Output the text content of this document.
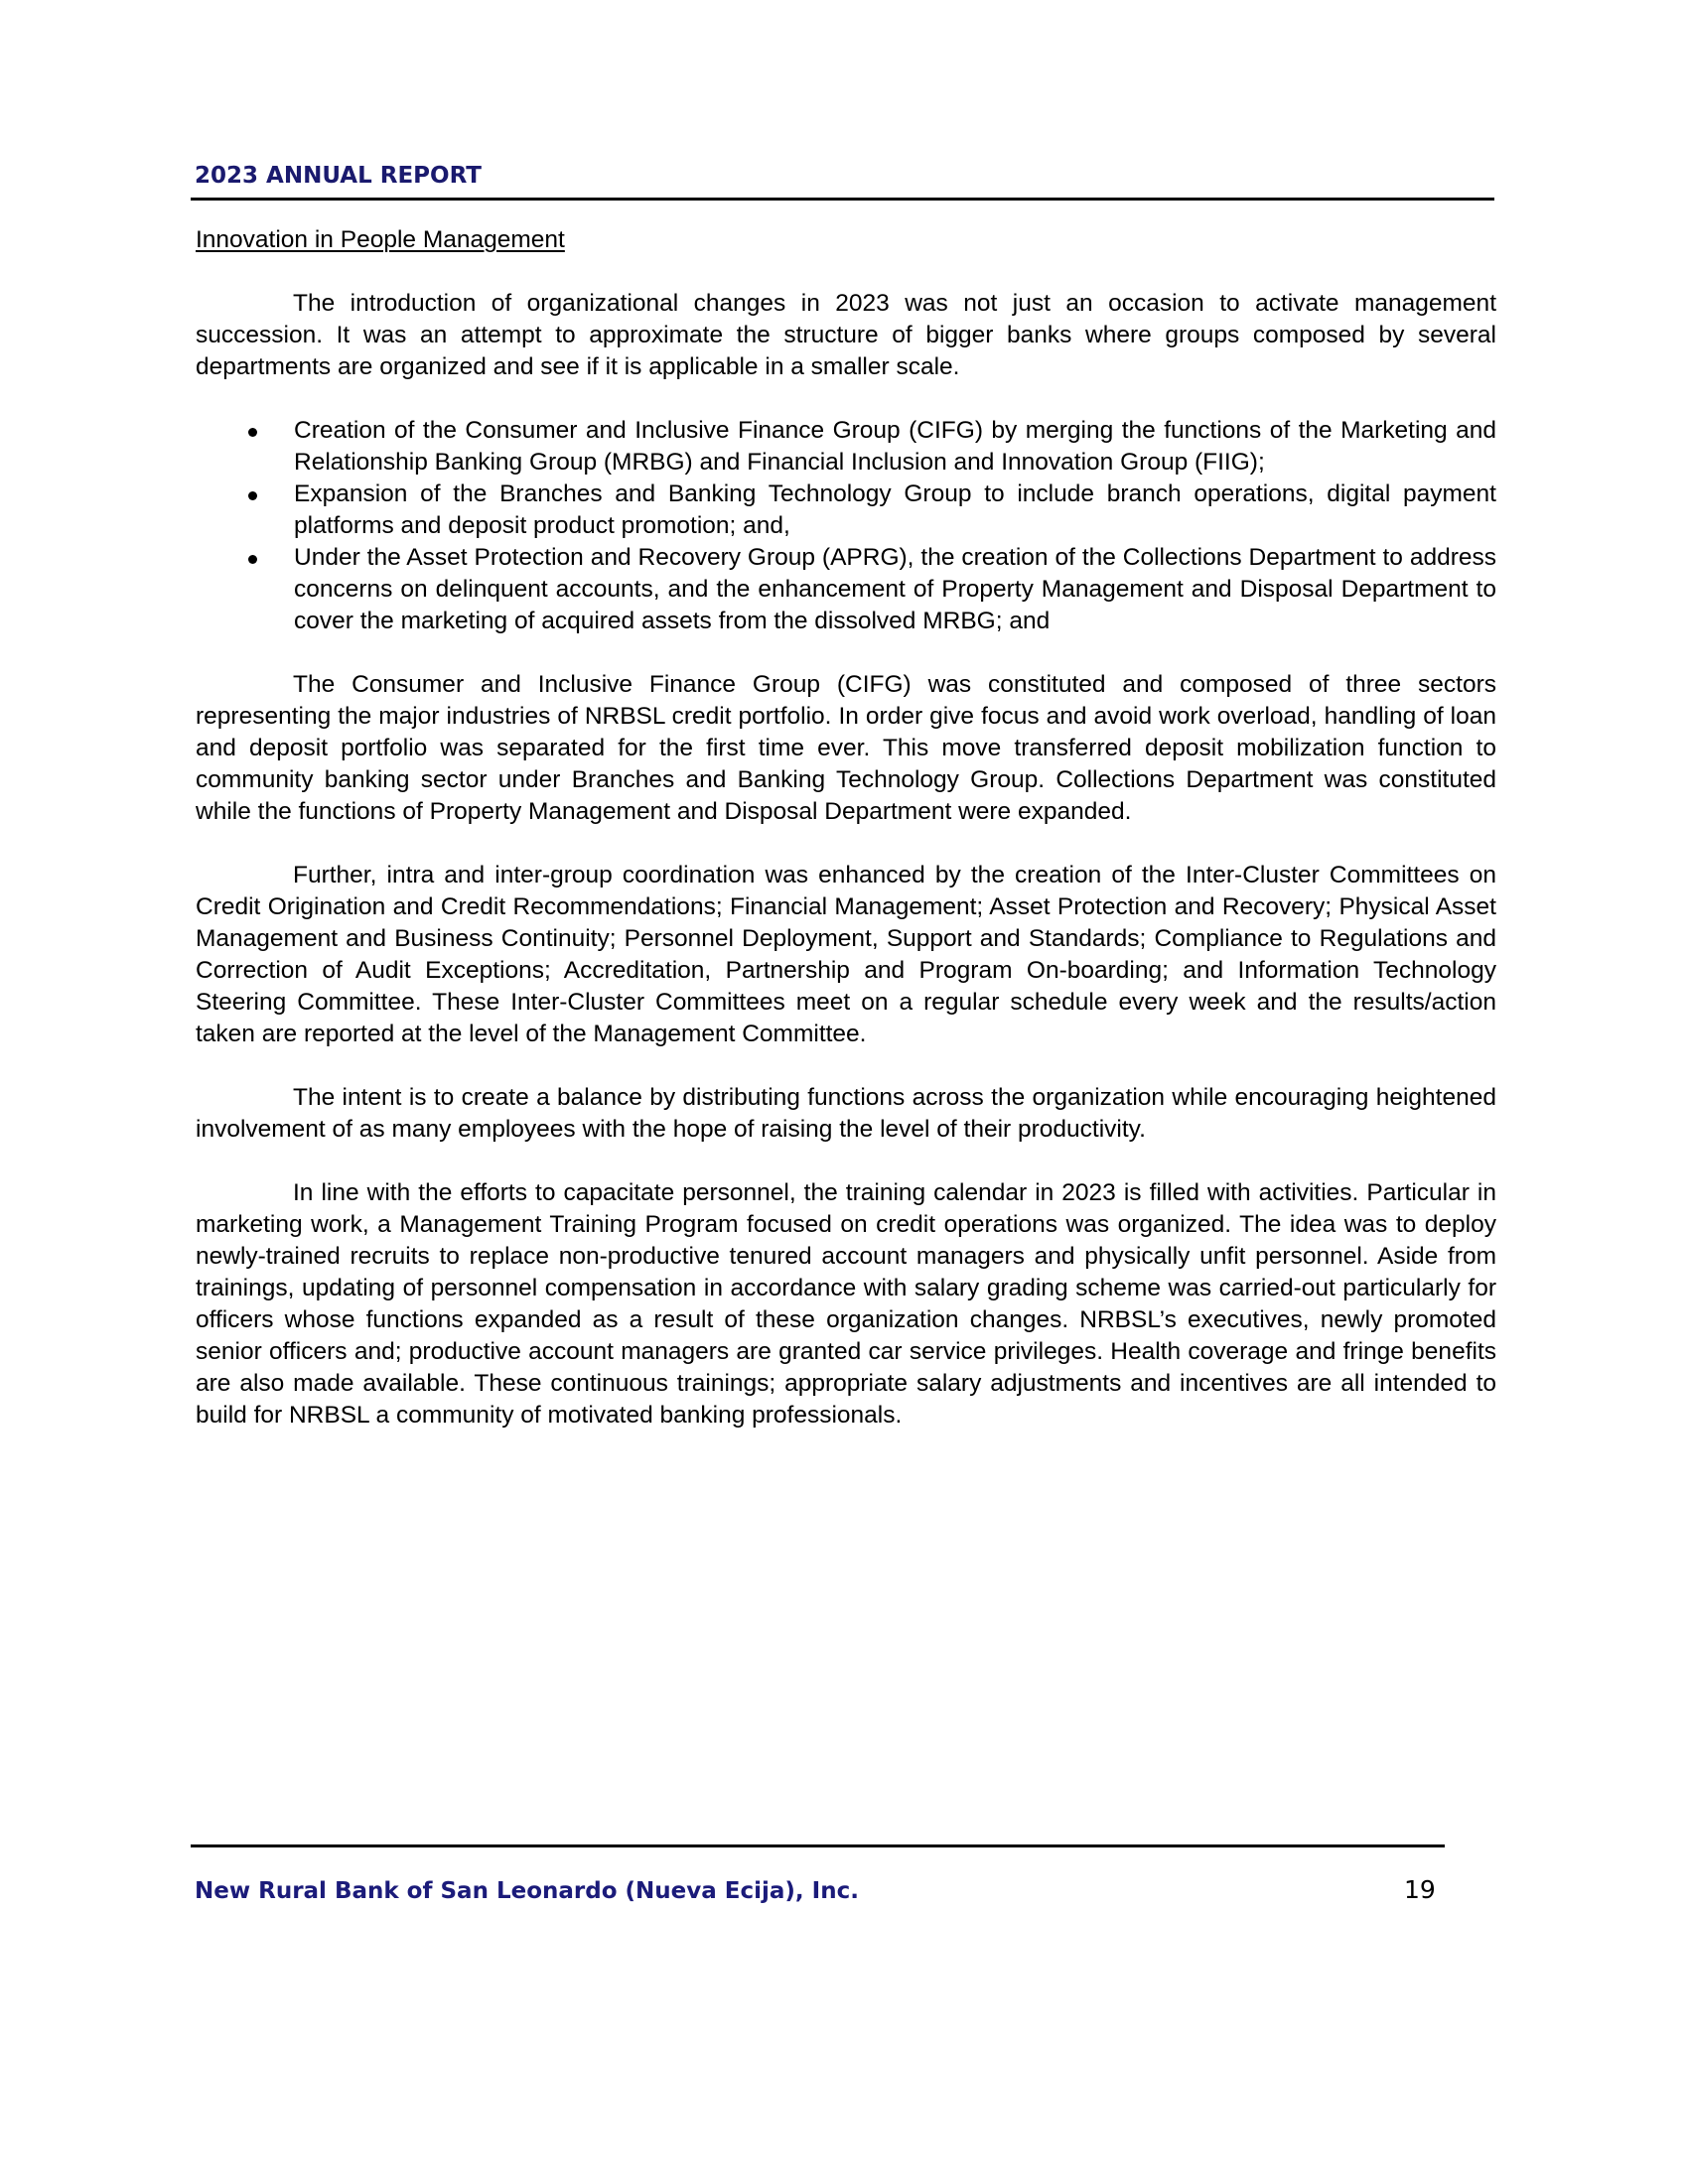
2023 ANNUAL REPORT
Innovation in People Management

The introduction of organizational changes in 2023 was not just an occasion to activate management succession. It was an attempt to approximate the structure of bigger banks where groups composed by several departments are organized and see if it is applicable in a smaller scale.

Creation of the Consumer and Inclusive Finance Group (CIFG) by merging the functions of the Marketing and Relationship Banking Group (MRBG) and Financial Inclusion and Innovation Group (FIIG);
Expansion of the Branches and Banking Technology Group to include branch operations, digital payment platforms and deposit product promotion; and,
Under the Asset Protection and Recovery Group (APRG), the creation of the Collections Department to address concerns on delinquent accounts, and the enhancement of Property Management and Disposal Department to cover the marketing of acquired assets from the dissolved MRBG; and

The Consumer and Inclusive Finance Group (CIFG) was constituted and composed of three sectors representing the major industries of NRBSL credit portfolio. In order give focus and avoid work overload, handling of loan and deposit portfolio was separated for the first time ever. This move transferred deposit mobilization function to community banking sector under Branches and Banking Technology Group. Collections Department was constituted while the functions of Property Management and Disposal Department were expanded.

Further, intra and inter-group coordination was enhanced by the creation of the Inter-Cluster Committees on Credit Origination and Credit Recommendations; Financial Management; Asset Protection and Recovery; Physical Asset Management and Business Continuity; Personnel Deployment, Support and Standards; Compliance to Regulations and Correction of Audit Exceptions; Accreditation, Partnership and Program On-boarding; and Information Technology Steering Committee. These Inter-Cluster Committees meet on a regular schedule every week and the results/action taken are reported at the level of the Management Committee.

The intent is to create a balance by distributing functions across the organization while encouraging heightened involvement of as many employees with the hope of raising the level of their productivity.

In line with the efforts to capacitate personnel, the training calendar in 2023 is filled with activities. Particular in marketing work, a Management Training Program focused on credit operations was organized. The idea was to deploy newly-trained recruits to replace non-productive tenured account managers and physically unfit personnel. Aside from trainings, updating of personnel compensation in accordance with salary grading scheme was carried-out particularly for officers whose functions expanded as a result of these organization changes. NRBSL’s executives, newly promoted senior officers and; productive account managers are granted car service privileges. Health coverage and fringe benefits are also made available. These continuous trainings; appropriate salary adjustments and incentives are all intended to build for NRBSL a community of motivated banking professionals.

New Rural Bank of San Leonardo (Nueva Ecija), Inc.	19
